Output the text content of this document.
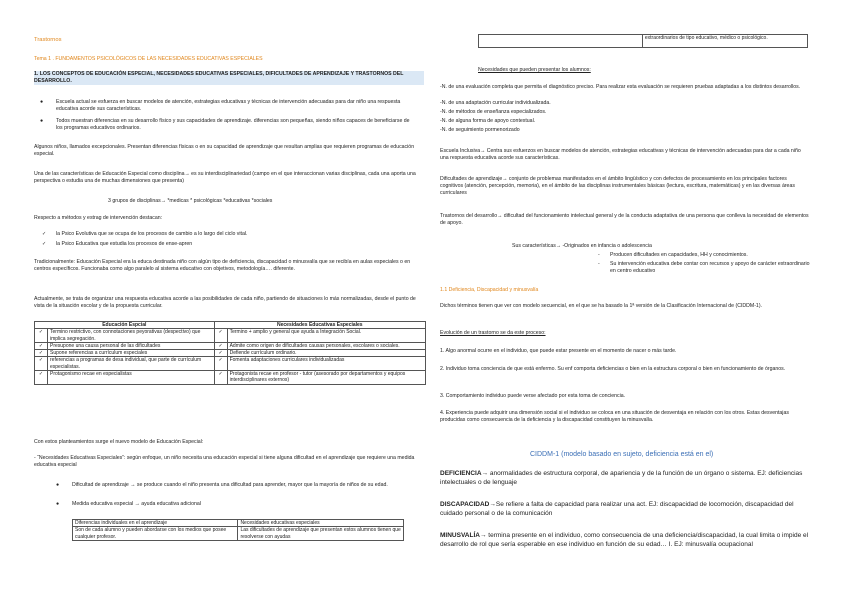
Trastornos
Tema 1 . FUNDAMENTOS PSICOLÓGICOS DE LAS NECESIDADES EDUCATIVAS ESPECIALES
1. LOS CONCEPTOS DE EDUCACIÓN ESPECIAL, NECESIDADES EDUCATIVAS ESPECIALES, DIFICULTADES DE APRENDIZAJE Y TRASTORNOS DEL DESARROLLO.
● Escuela actual se esfuerza en buscar modelos de atención, estrategias educativas y técnicas de intervención adecuadas para dar niño una respuesta educativa acorde sus características.
● Todos muestran diferencias en su desarrollo físico y sus capacidades de aprendizaje. diferencias son pequeñas, siendo niños capaces de beneficiarse de los programas educativos ordinarios.
Algunos niños, llamados excepcionales. Presentan diferencias físicas o en su capacidad de aprendizaje que resultan amplias que requieren programas de educación especial.
Una de las características de Educación Especial como disciplina→ es su interdisciplinariedad (campo en el que interaccionan varias disciplinas, cada una aporta una perspectiva o estudia una de muchas dimensiones que presenta)
3 grupos de disciplinas→ *medicas * psicológicas *educativas *sociales
Respecto a métodos y estrag de intervención destacan:
✓ la Psico Evolutiva que se ocupa de los procesos de cambio a lo largo del ciclo vital.
✓ la Psico Educativa que estudia los procesos de ense-apren
Tradicionalmente: Educación Especial era la educa destinada niño con algún tipo de deficiencia, discapacidad o minusvalía que se recibía en aulas especiales o en centros específicos. Funcionaba como algo paralelo al sistema educativo con objetivos, metodología…. diferente.
Actualmente, se trata de organizar una respuesta educativa acorde a las posibilidades de cada niño, partiendo de situaciones lo más normalizadas, desde el punto de vista de la situación escolar y de la propuesta curricular.
Educación Espcial		Necesidades Educativas Especiales	
✓	Termino restrictivo, con connotaciones peyorativas (despectivo) que implica segregación.	✓	Termino + amplio y general que ayuda a Integración Social.
✓	Presupone una causa personal de las dificultades	✓	Admite como origen de dificultades causas personales, escolares o sociales.
✓	Supone referencias a currículum especiales	✓	Defiende currículum ordinario.
✓	referencias a programas de desa individual, que parte de currículum especialistas.	✓	Fomenta adaptaciones curriculares individualizadas
✓	Protagonismo recae en especialistas	✓	Protagonista recae en profesor - tutor (asesorado por departamentos y equipos interdisciplinares externos)
Con estos planteamientos surge el nuevo modelo de Educación Especial:
- “Necesidades Educativas Especiales”: según enfoque, un niño necesita una educación especial si tiene alguna dificultad en el aprendizaje que requiere una medida educativa especial
● Dificultad de aprendizaje → se produce cuando el niño presenta una dificultad para aprender, mayor que la mayoría de niños de su edad.
● Medida educativa especial → ayuda educativa adicional
Diferencias individuales en el aprendizaje	Necesidades educativas especiales
Son de cada alumno y pueden abordarse con los medios que posee cualquier profesor.	Las dificultades de aprendizaje que presentan estos alumnos tienen que resolverse con ayudas
	extraordinarios de tipo educativo, médico o psicológico.
Necesidades que pueden presentar los alumnos:
-N. de una evaluación completa que permita el diagnóstico preciso. Para realizar esta evaluación se requieren pruebas adaptadas a los distintos desarrollos.
-N. de una adaptación curricular individualizada.
-N. de métodos de enseñanza especializados.
-N. de alguna forma de apoyo contextual.
-N. de seguimiento pormenorizado
Escuela Inclusiva→ Centra sus esfuerzos en buscar modelos de atención, estrategias educativas y técnicas de intervención adecuadas para dar a cada niño una respuesta educativa acorde sus características.
Dificultades de aprendizaje→ conjunto de problemas manifestados en el ámbito lingüístico y con defectos de procesamiento en los principales factores cognitivos (atención, percepción, memoria), en el ámbito de las disciplinas instrumentales básicas (lectura, escritura, matemáticas) y en las diversas áreas curriculares
Trastornos del desarrollo→ dificultad del funcionamiento intelectual general y de la conducta adaptativa de una persona que conlleva la necesidad de elementos de apoyo.
Sus características→ -Originados en infancia o adolescencia
- Producen dificultades en capacidades, HH y conocimientos.
- Su intervención educativa debe contar con recursos y apoyo de carácter extraordinario en centro educativo
1.1 Deficiencia, Discapacidad y minusvalía
Dichos términos tienen que ver con modelo secuencial, en el que se ha basado la 1ª versión de la Clasificación Internacional de (CIDDM-1).
Evolución de un trastorno se da este proceso:
1. Algo anormal ocurre en el individuo, que puede estar presente en el momento de nacer o más tarde.
2. Individuo toma conciencia de que está enfermo. Su enf comporta deficiencias o bien en la estructura corporal o bien en funcionamiento de órganos.
3. Comportamiento individuo puede verse afectado por esta toma de conciencia.
4. Experiencia puede adquirir una dimensión social si el individuo se coloca en una situación de desventaja en relación con los otros. Estas desventajas producidas como consecuencia de la deficiencia y la discapacidad constituyen la minusvalía.
CIDDM-1 (modelo basado en sujeto, deficiencia está en el)
DEFICIENCIA→ anormalidades de estructura corporal, de apariencia y de la función de un órgano o sistema. EJ: deficiencias intelectuales o de lenguaje
DISCAPACIDAD→Se refiere a falta de capacidad para realizar una act. EJ: discapacidad de locomoción, discapacidad del cuidado personal o de la comunicación
MINUSVALÍA→ termina presente en el individuo, como consecuencia de una deficiencia/discapacidad, la cual limita o impide el desarrollo de rol que sería esperable en ese individuo en función de su edad… I. EJ: minusvalía ocupacional
